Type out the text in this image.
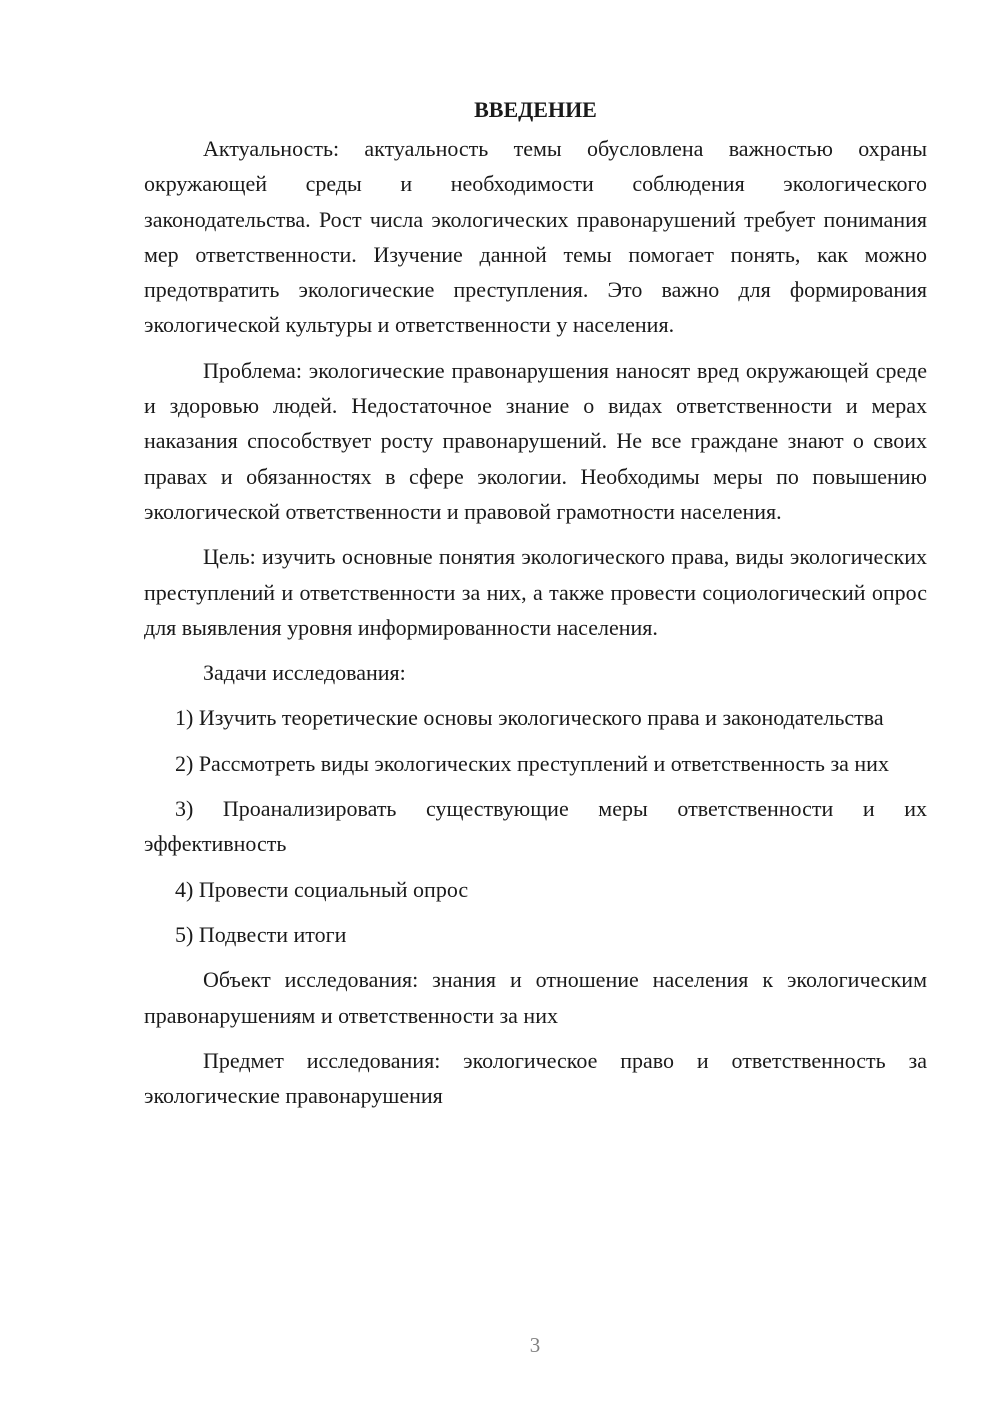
ВВЕДЕНИЕ

Актуальность: актуальность темы обусловлена важностью охраны окружающей среды и необходимости соблюдения экологического законодательства. Рост числа экологических правонарушений требует понимания мер ответственности. Изучение данной темы помогает понять, как можно предотвратить экологические преступления. Это важно для формирования экологической культуры и ответственности у населения.

Проблема: экологические правонарушения наносят вред окружающей среде и здоровью людей. Недостаточное знание о видах ответственности и мерах наказания способствует росту правонарушений. Не все граждане знают о своих правах и обязанностях в сфере экологии. Необходимы меры по повышению экологической ответственности и правовой грамотности населения.

Цель: изучить основные понятия экологического права, виды экологических преступлений и ответственности за них, а также провести социологический опрос для выявления уровня информированности населения.

Задачи исследования:

1) Изучить теоретические основы экологического права и законодательства

2) Рассмотреть виды экологических преступлений и ответственность за них

3) Проанализировать существующие меры ответственности и их эффективность

4) Провести социальный опрос

5) Подвести итоги

Объект исследования: знания и отношение населения к экологическим правонарушениям и ответственности за них

Предмет исследования: экологическое право и ответственность за экологические правонарушения

3
